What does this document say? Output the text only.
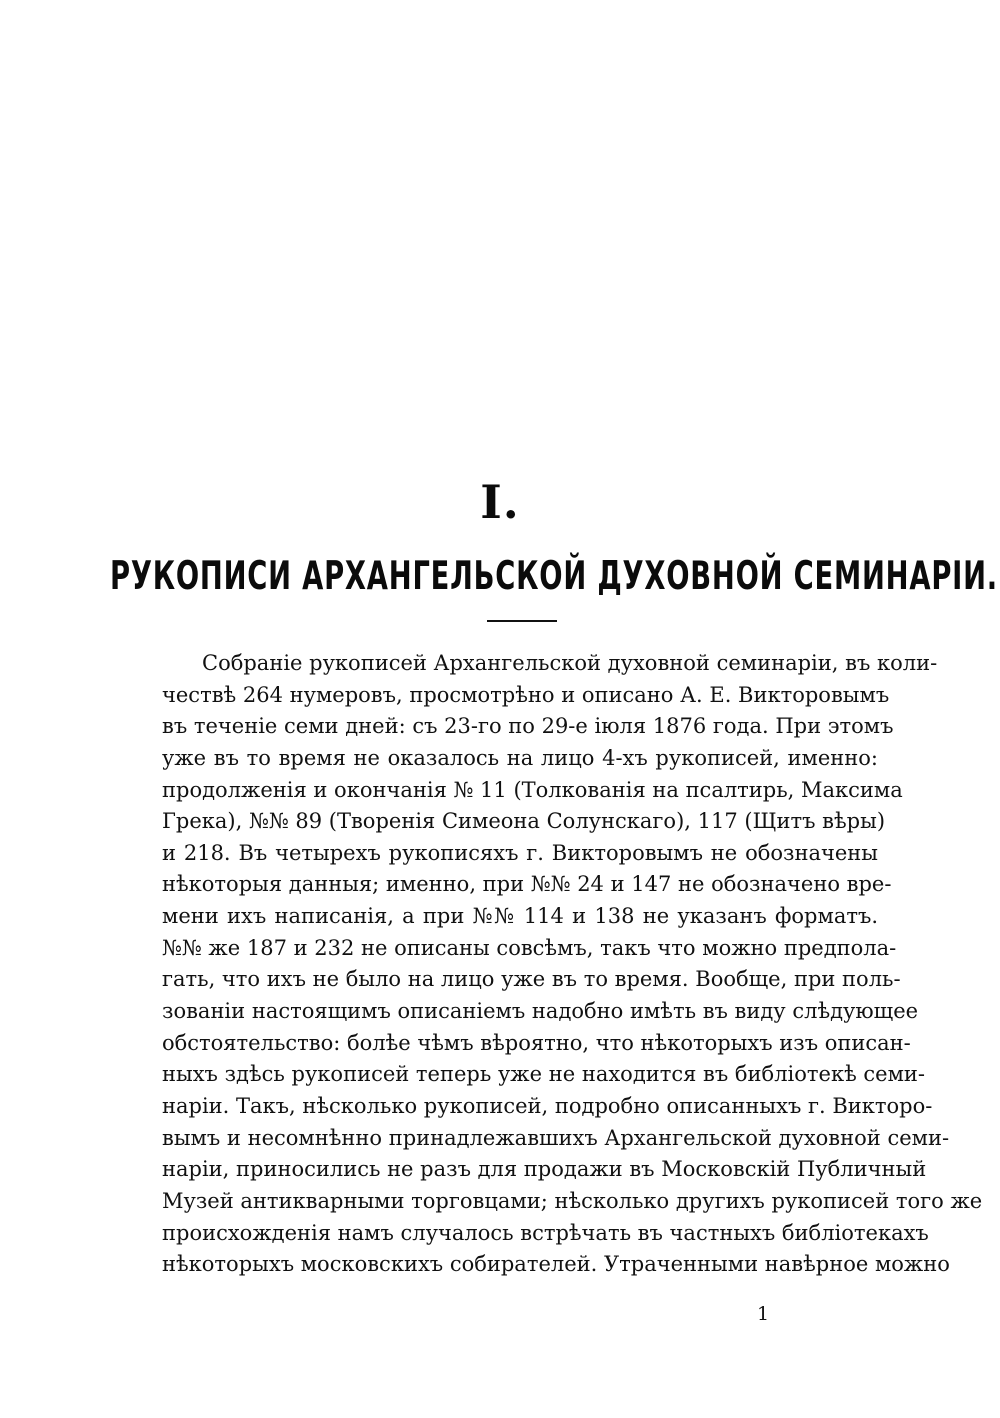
I.
РУКОПИСИ АРХАНГЕЛЬСКОЙ ДУХОВНОЙ СЕМИНАРІИ.
Собраніе рукописей Архангельской духовной семинаріи, въ коли-
чествѣ 264 нумеровъ, просмотрѣно и описано А. Е. Викторовымъ
въ теченіе семи дней: съ 23-го по 29-е іюля 1876 года. При этомъ
уже въ то время не оказалось на лицо 4-хъ рукописей, именно:
продолженія и окончанія № 11 (Толкованія на псалтирь, Максима
Грека), №№ 89 (Творенія Симеона Солунскаго), 117 (Щитъ вѣры)
и 218. Въ четырехъ рукописяхъ г. Викторовымъ не обозначены
нѣкоторыя данныя; именно, при №№ 24 и 147 не обозначено вре-
мени ихъ написанія, а при №№ 114 и 138 не указанъ форматъ.
№№ же 187 и 232 не описаны совсѣмъ, такъ что можно предпола-
гать, что ихъ не было на лицо уже въ то время. Вообще, при поль-
зованіи настоящимъ описаніемъ надобно имѣть въ виду слѣдующее
обстоятельство: болѣе чѣмъ вѣроятно, что нѣкоторыхъ изъ описан-
ныхъ здѣсь рукописей теперь уже не находится въ библіотекѣ семи-
наріи. Такъ, нѣсколько рукописей, подробно описанныхъ г. Викторо-
вымъ и несомнѣнно принадлежавшихъ Архангельской духовной семи-
наріи, приносились не разъ для продажи въ Московскій Публичный
Музей антикварными торговцами; нѣсколько другихъ рукописей того же
происхожденія намъ случалось встрѣчать въ частныхъ библіотекахъ
нѣкоторыхъ московскихъ собирателей. Утраченными навѣрное можно
1
